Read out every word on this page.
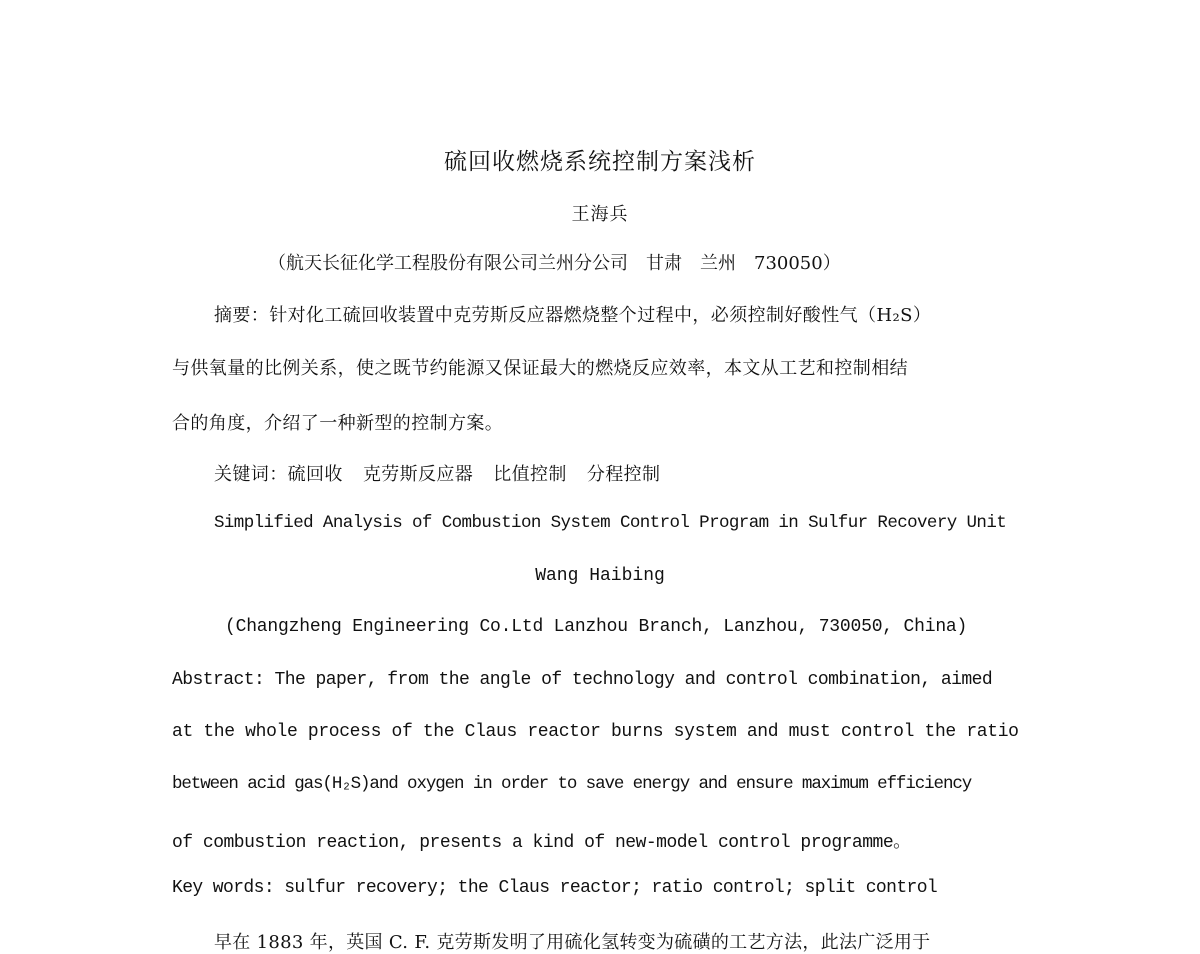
硫回收燃烧系统控制方案浅析
王海兵
（航天长征化学工程股份有限公司兰州分公司　甘肃　兰州　730050）
摘要：针对化工硫回收装置中克劳斯反应器燃烧整个过程中，必须控制好酸性气（H₂S）
与供氧量的比例关系，使之既节约能源又保证最大的燃烧反应效率，本文从工艺和控制相结
合的角度，介绍了一种新型的控制方案。
关键词：硫回收 克劳斯反应器 比值控制 分程控制
Simplified Analysis of Combustion System Control Program in Sulfur Recovery Unit
Wang Haibing
(Changzheng Engineering Co.Ltd Lanzhou Branch, Lanzhou, 730050, China)
Abstract: The paper, from the angle of technology and control combination, aimed
at the whole process of the Claus reactor burns system and must control the ratio
between acid gas(H₂S)and oxygen in order to save energy and ensure maximum efficiency
of combustion reaction, presents a kind of new-model control programme。
Key words: sulfur recovery; the Claus reactor; ratio control; split control
早在 1883 年，英国 C. F. 克劳斯发明了用硫化氢转变为硫磺的工艺方法，此法广泛用于
